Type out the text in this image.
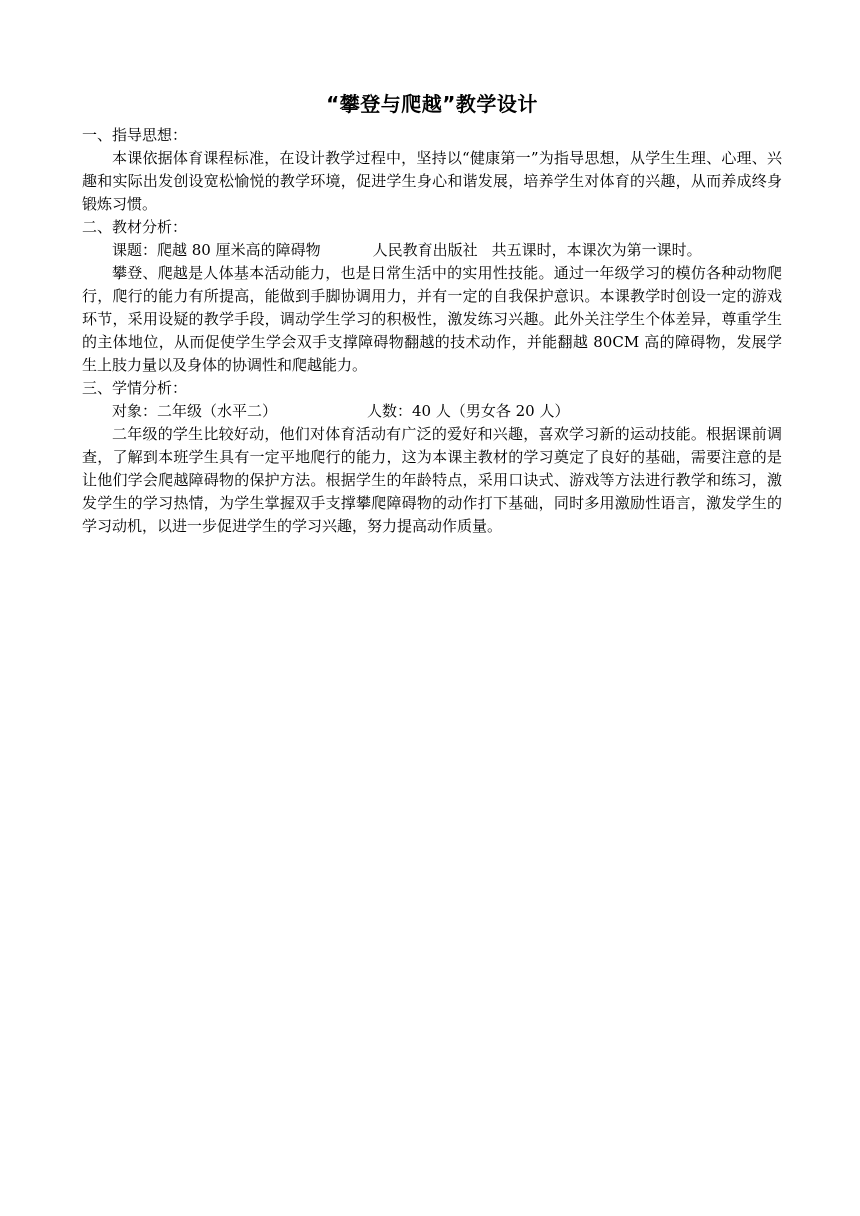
“攀登与爬越”教学设计

一、指导思想：

本课依据体育课程标准，在设计教学过程中，坚持以“健康第一”为指导思想，从学生生理、心理、兴趣和实际出发创设宽松愉悦的教学环境，促进学生身心和谐发展，培养学生对体育的兴趣，从而养成终身锻炼习惯。

二、教材分析：

课题：爬越 80 厘米高的障碍物	人民教育出版社 共五课时，本课次为第一课时。

攀登、爬越是人体基本活动能力，也是日常生活中的实用性技能。通过一年级学习的模仿各种动物爬行，爬行的能力有所提高，能做到手脚协调用力，并有一定的自我保护意识。本课教学时创设一定的游戏环节，采用设疑的教学手段，调动学生学习的积极性，激发练习兴趣。此外关注学生个体差异，尊重学生的主体地位，从而促使学生学会双手支撑障碍物翻越的技术动作，并能翻越 80CM 高的障碍物，发展学生上肢力量以及身体的协调性和爬越能力。

三、学情分析：

对象：二年级（水平二）	人数：40 人（男女各 20 人）

二年级的学生比较好动，他们对体育活动有广泛的爱好和兴趣，喜欢学习新的运动技能。根据课前调查，了解到本班学生具有一定平地爬行的能力，这为本课主教材的学习奠定了良好的基础，需要注意的是让他们学会爬越障碍物的保护方法。根据学生的年龄特点，采用口诀式、游戏等方法进行教学和练习，激发学生的学习热情，为学生掌握双手支撑攀爬障碍物的动作打下基础，同时多用激励性语言，激发学生的学习动机，以进一步促进学生的学习兴趣，努力提高动作质量。
